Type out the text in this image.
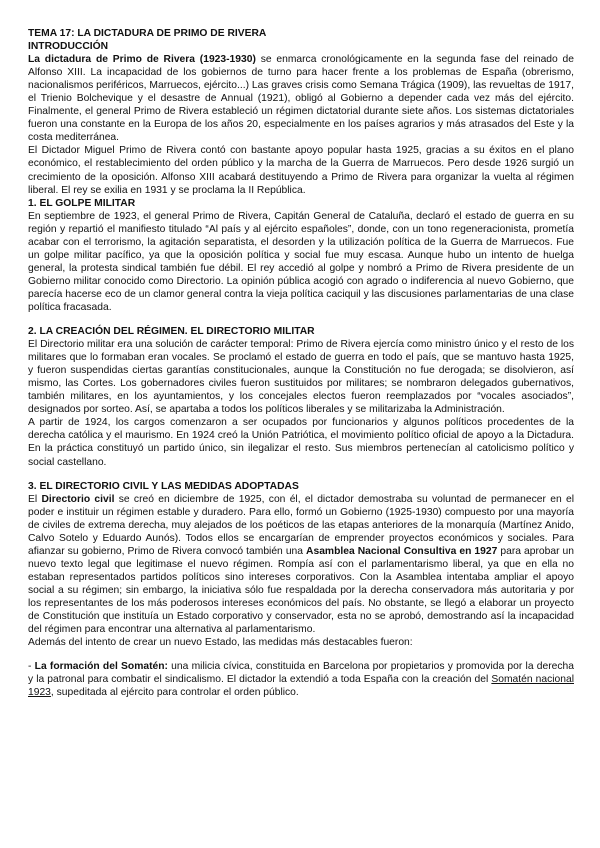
TEMA 17: LA DICTADURA DE PRIMO DE RIVERA

INTRODUCCIÓN

La dictadura de Primo de Rivera (1923-1930) se enmarca cronológicamente en la segunda fase del reinado de Alfonso XIII. La incapacidad de los gobiernos de turno para hacer frente a los problemas de España (obrerismo, nacionalismos periféricos, Marruecos, ejército...) Las graves crisis como Semana Trágica (1909), las revueltas de 1917, el Trienio Bolchevique y el desastre de Annual (1921), obligó al Gobierno a depender cada vez más del ejército. Finalmente, el general Primo de Rivera estableció un régimen dictatorial durante siete años. Los sistemas dictatoriales fueron una constante en la Europa de los años 20, especialmente en los países agrarios y más atrasados del Este y la costa mediterránea.

El Dictador Miguel Primo de Rivera contó con bastante apoyo popular hasta 1925, gracias a su éxitos en el plano económico, el restablecimiento del orden público y la marcha de la Guerra de Marruecos. Pero desde 1926 surgió un crecimiento de la oposición. Alfonso XIII acabará destituyendo a Primo de Rivera para organizar la vuelta al régimen liberal. El rey se exilia en 1931 y se proclama la II República.

1. EL GOLPE MILITAR

En septiembre de 1923, el general Primo de Rivera, Capitán General de Cataluña, declaró el estado de guerra en su región y repartió el manifiesto titulado “Al país y al ejército españoles”, donde, con un tono regeneracionista, prometía acabar con el terrorismo, la agitación separatista, el desorden y la utilización política de la Guerra de Marruecos. Fue un golpe militar pacífico, ya que la oposición política y social fue muy escasa. Aunque hubo un intento de huelga general, la protesta sindical también fue débil. El rey accedió al golpe y nombró a Primo de Rivera presidente de un Gobierno militar conocido como Directorio. La opinión pública acogió con agrado o indiferencia al nuevo Gobierno, que parecía hacerse eco de un clamor general contra la vieja política caciquil y las discusiones parlamentarias de una clase política fracasada.

2. LA CREACIÓN DEL RÉGIMEN. EL DIRECTORIO MILITAR

El Directorio militar era una solución de carácter temporal: Primo de Rivera ejercía como ministro único y el resto de los militares que lo formaban eran vocales. Se proclamó el estado de guerra en todo el país, que se mantuvo hasta 1925, y fueron suspendidas ciertas garantías constitucionales, aunque la Constitución no fue derogada; se disolvieron, así mismo, las Cortes. Los gobernadores civiles fueron sustituidos por militares; se nombraron delegados gubernativos, también militares, en los ayuntamientos, y los concejales electos fueron reemplazados por “vocales asociados”, designados por sorteo. Así, se apartaba a todos los políticos liberales y se militarizaba la Administración.

A partir de 1924, los cargos comenzaron a ser ocupados por funcionarios y algunos políticos procedentes de la derecha católica y el maurismo. En 1924 creó la Unión Patriótica, el movimiento político oficial de apoyo a la Dictadura. En la práctica constituyó un partido único, sin ilegalizar el resto. Sus miembros pertenecían al catolicismo político y social castellano.

3. EL DIRECTORIO CIVIL Y LAS MEDIDAS ADOPTADAS

El Directorio civil se creó en diciembre de 1925, con él, el dictador demostraba su voluntad de permanecer en el poder e instituir un régimen estable y duradero. Para ello, formó un Gobierno (1925-1930) compuesto por una mayoría de civiles de extrema derecha, muy alejados de los poéticos de las etapas anteriores de la monarquía (Martínez Anido, Calvo Sotelo y Eduardo Aunós). Todos ellos se encargarían de emprender proyectos económicos y sociales. Para afianzar su gobierno, Primo de Rivera convocó también una Asamblea Nacional Consultiva en 1927 para aprobar un nuevo texto legal que legitimase el nuevo régimen. Rompía así con el parlamentarismo liberal, ya que en ella no estaban representados partidos políticos sino intereses corporativos. Con la Asamblea intentaba ampliar el apoyo social a su régimen; sin embargo, la iniciativa sólo fue respaldada por la derecha conservadora más autoritaria y por los representantes de los más poderosos intereses económicos del país. No obstante, se llegó a elaborar un proyecto de Constitución que instituía un Estado corporativo y conservador, esta no se aprobó, demostrando así la incapacidad del régimen para encontrar una alternativa al parlamentarismo.

Además del intento de crear un nuevo Estado, las medidas más destacables fueron:

- La formación del Somatén: una milicia cívica, constituida en Barcelona por propietarios y promovida por la derecha y la patronal para combatir el sindicalismo. El dictador la extendió a toda España con la creación del Somatén nacional 1923, supeditada al ejército para controlar el orden público.
